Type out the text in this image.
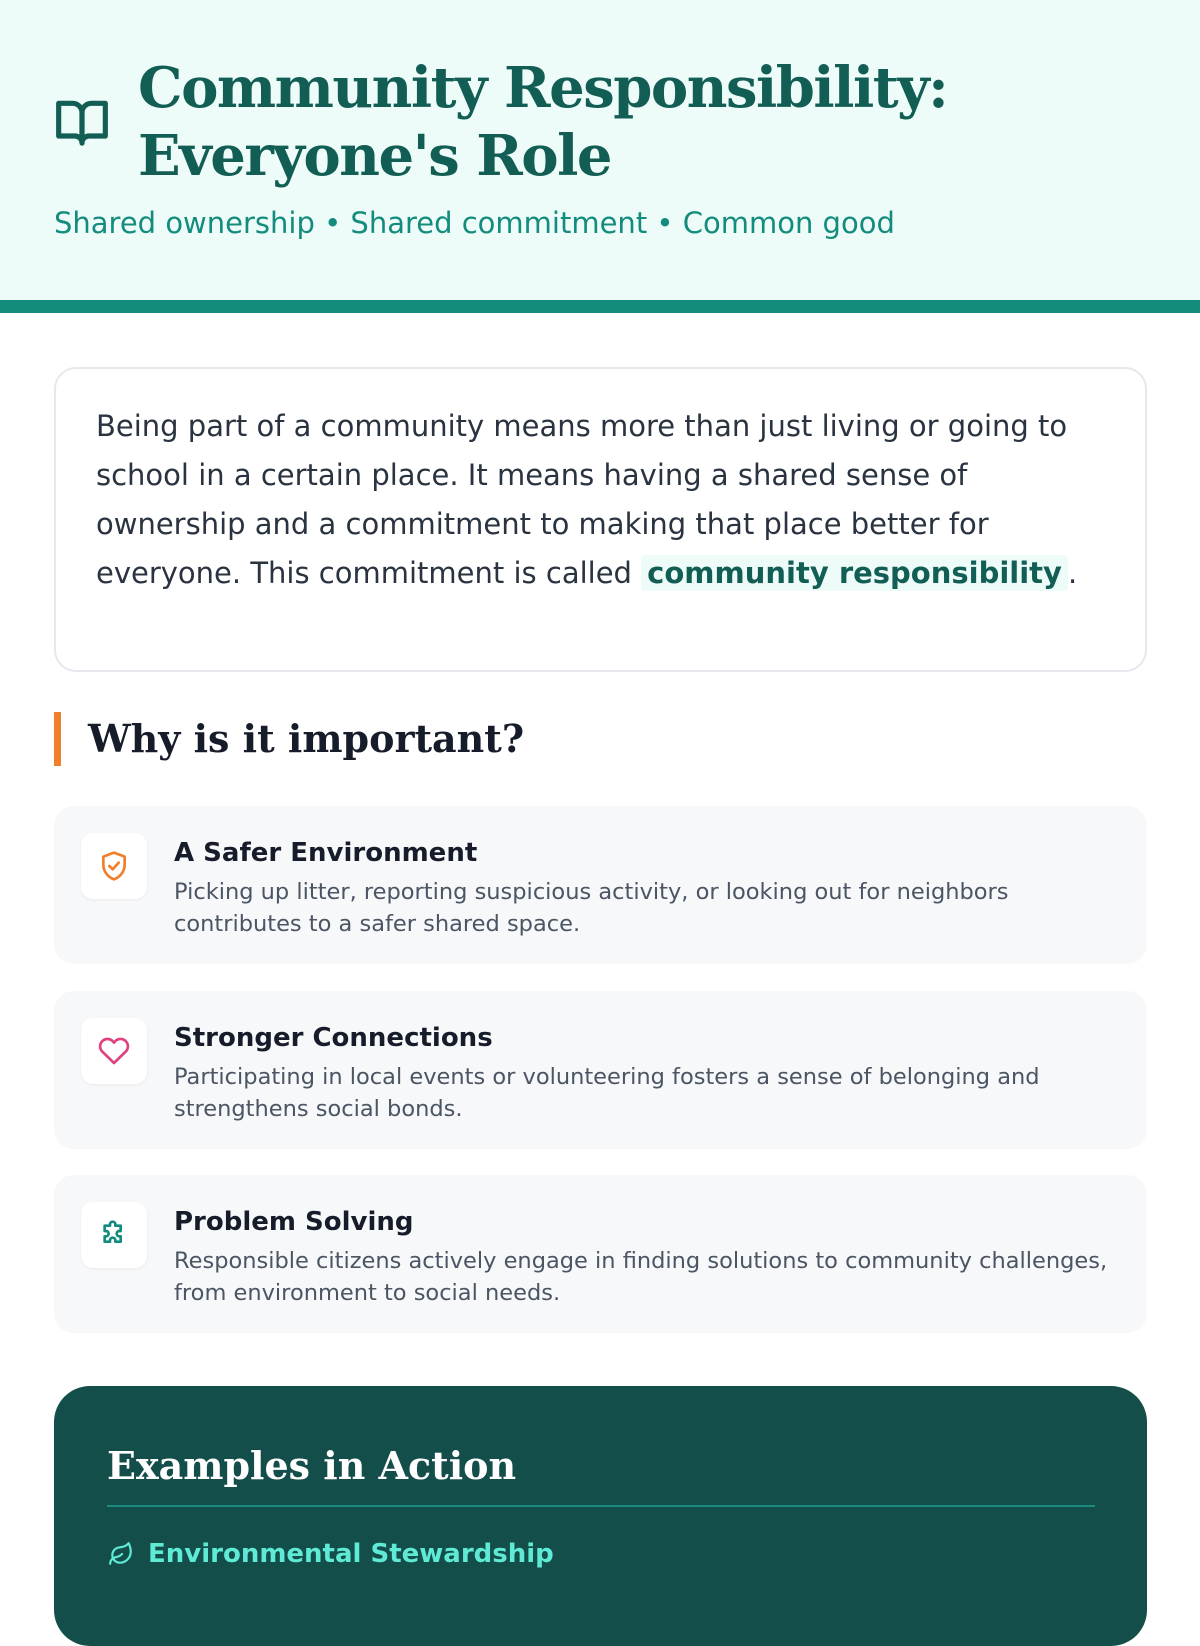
Community Responsibility: Everyone's Role
Shared ownership • Shared commitment • Common good

Being part of a community means more than just living or going to school in a certain place. It means having a shared sense of ownership and a commitment to making that place better for everyone. This commitment is called community responsibility .

Why is it important?
A Safer Environment
Picking up litter, reporting suspicious activity, or looking out for neighbors contributes to a safer shared space.
Stronger Connections
Participating in local events or volunteering fosters a sense of belonging and strengthens social bonds.
Problem Solving
Responsible citizens actively engage in finding solutions to community challenges, from environment to social needs.
Examples in Action
Environmental Stewardship
